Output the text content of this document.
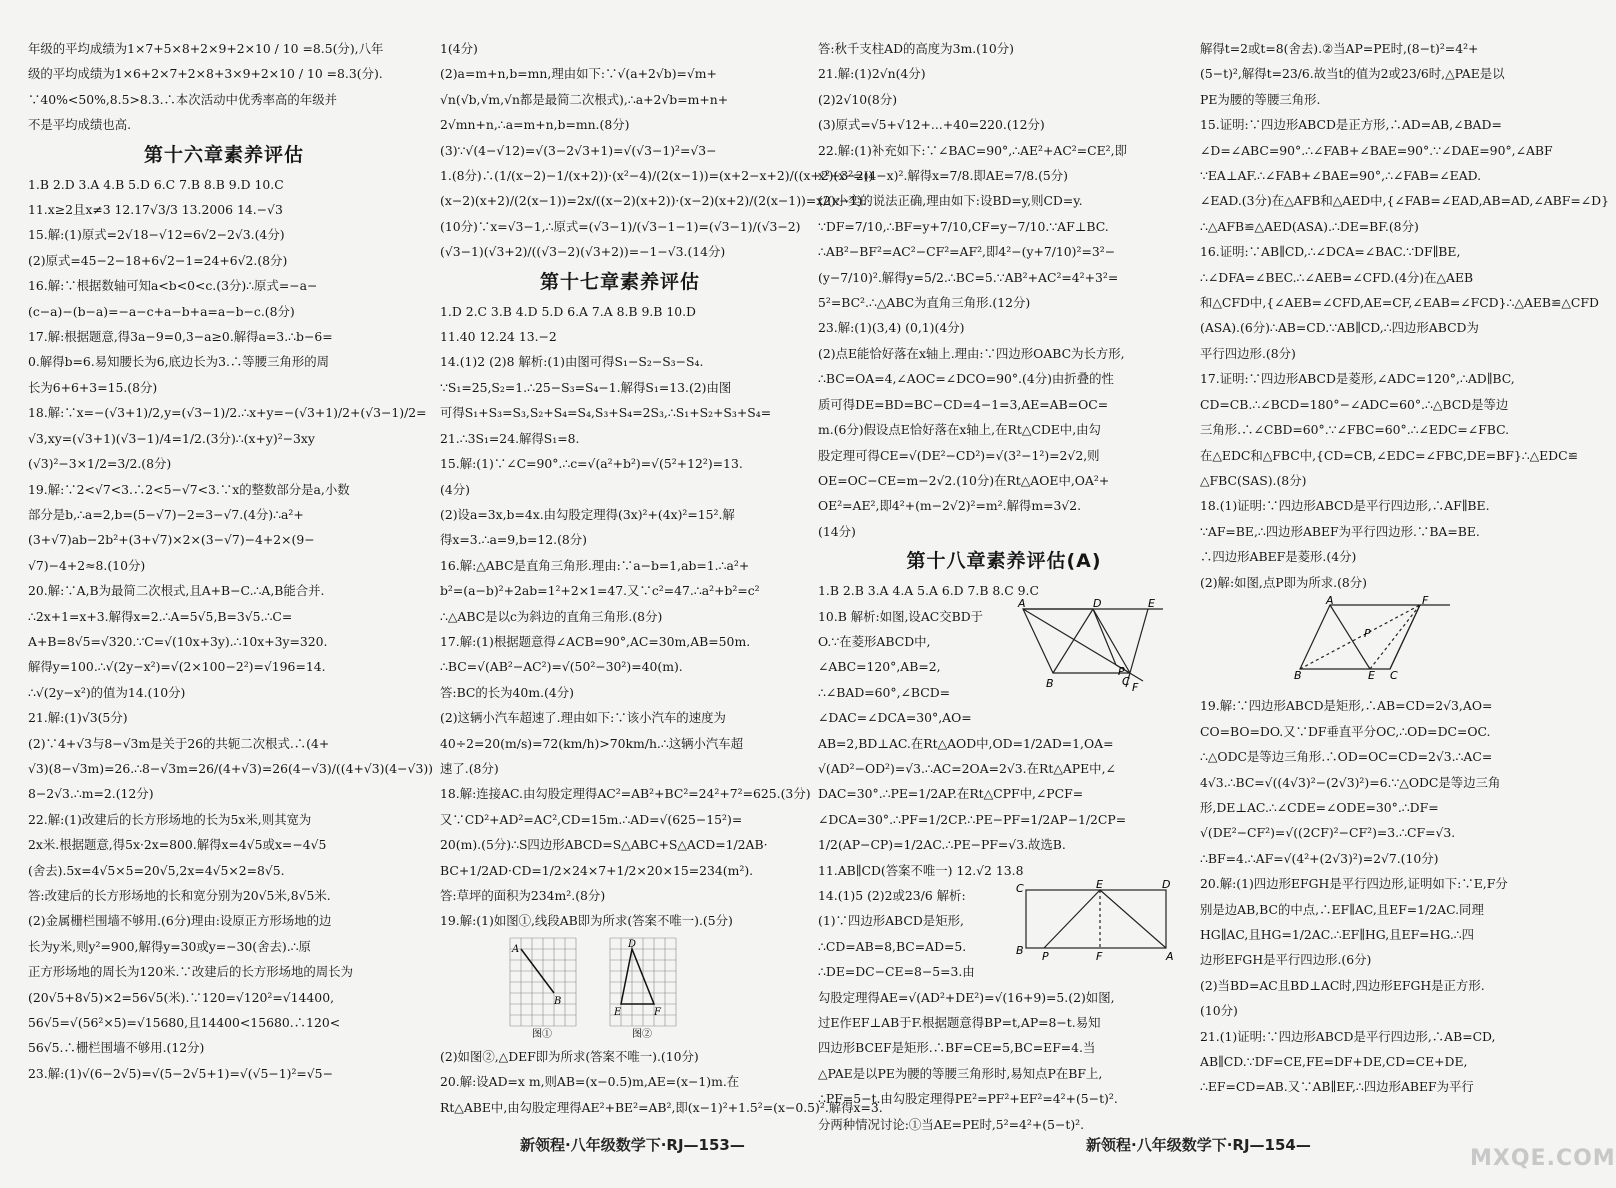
年级的平均成绩为1×7+5×8+2×9+2×10 / 10 =8.5(分),八年
级的平均成绩为1×6+2×7+2×8+3×9+2×10 / 10 =8.3(分).
∵40%<50%,8.5>8.3.∴本次活动中优秀率高的年级并
不是平均成绩也高.
第十六章素养评估
1.B 2.D 3.A 4.B 5.D 6.C 7.B 8.B 9.D 10.C
11.x≥2且x≠3 12.17√3/3 13.2006 14.−√3
15.解:(1)原式=2√18−√12=6√2−2√3.(4分)
(2)原式=45−2−18+6√2−1=24+6√2.(8分)
16.解:∵根据数轴可知a<b<0<c.(3分)∴原式=−a−
(c−a)−(b−a)=−a−c+a−b+a=a−b−c.(8分)
17.解:根据题意,得3a−9=0,3−a≥0.解得a=3.∴b−6=
0.解得b=6.易知腰长为6,底边长为3.∴等腰三角形的周
长为6+6+3=15.(8分)
18.解:∵x=−(√3+1)/2,y=(√3−1)/2.∴x+y=−(√3+1)/2+(√3−1)/2=
√3,xy=(√3+1)(√3−1)/4=1/2.(3分)∴(x+y)²−3xy
(√3)²−3×1/2=3/2.(8分)
19.解:∵2<√7<3.∴2<5−√7<3.∵x的整数部分是a,小数
部分是b,∴a=2,b=(5−√7)−2=3−√7.(4分)∴a²+
(3+√7)ab−2b²+(3+√7)×2×(3−√7)−4+2×(9−
√7)−4+2≈8.(10分)
20.解:∵A,B为最简二次根式,且A+B−C.∴A,B能合并.
∴2x+1=x+3.解得x=2.∴A=5√5,B=3√5.∴C=
A+B=8√5=√320.∵C=√(10x+3y).∴10x+3y=320.
解得y=100.∴√(2y−x²)=√(2×100−2²)=√196=14.
∴√(2y−x²)的值为14.(10分)
21.解:(1)√3(5分)
(2)∵4+√3与8−√3m是关于26的共轭二次根式.∴(4+
√3)(8−√3m)=26.∴8−√3m=26/(4+√3)=26(4−√3)/((4+√3)(4−√3))
8−2√3.∴m=2.(12分)
22.解:(1)改建后的长方形场地的长为5x米,则其宽为
2x米.根据题意,得5x·2x=800.解得x=4√5或x=−4√5
(舍去).5x=4√5×5=20√5,2x=4√5×2=8√5.
答:改建后的长方形场地的长和宽分别为20√5米,8√5米.
(2)金属栅栏围墙不够用.(6分)理由:设原正方形场地的边
长为y米,则y²=900,解得y=30或y=−30(舍去).∴原
正方形场地的周长为120米.∵改建后的长方形场地的周长为
(20√5+8√5)×2=56√5(米).∵120=√120²=√14400,
56√5=√(56²×5)=√15680,且14400<15680.∴120<
56√5.∴栅栏围墙不够用.(12分)
23.解:(1)√(6−2√5)=√(5−2√5+1)=√(√5−1)²=√5−
1(4分)
(2)a=m+n,b=mn,理由如下:∵√(a+2√b)=√m+
√n(√b,√m,√n都是最简二次根式),∴a+2√b=m+n+
2√mn+n,∴a=m+n,b=mn.(8分)
(3)∵√(4−√12)=√(3−2√3+1)=√(√3−1)²=√3−
1.(8分)∴(1/(x−2)−1/(x+2))·(x²−4)/(2(x−1))=(x+2−x+2)/((x+2)(x−2))
(x−2)(x+2)/(2(x−1))=2x/((x−2)(x+2))·(x−2)(x+2)/(2(x−1))=x/(x−1).
(10分)∵x=√3−1,∴原式=(√3−1)/(√3−1−1)=(√3−1)/(√3−2)
(√3−1)(√3+2)/((√3−2)(√3+2))=−1−√3.(14分)
第十七章素养评估
1.D 2.C 3.B 4.D 5.D 6.A 7.A 8.B 9.B 10.D
11.40 12.24 13.−2
14.(1)2 (2)8 解析:(1)由图可得S₁−S₂−S₃−S₄.
∵S₁=25,S₂=1.∴25−S₃=S₄−1.解得S₁=13.(2)由图
可得S₁+S₃=S₃,S₂+S₄=S₄,S₃+S₄=2S₃,∴S₁+S₂+S₃+S₄=
21.∴3S₁=24.解得S₁=8.
15.解:(1)∵∠C=90°.∴c=√(a²+b²)=√(5²+12²)=13.
(4分)
(2)设a=3x,b=4x.由勾股定理得(3x)²+(4x)²=15².解
得x=3.∴a=9,b=12.(8分)
16.解:△ABC是直角三角形.理由:∵a−b=1,ab=1.∴a²+
b²=(a−b)²+2ab=1²+2×1=47.又∵c²=47.∴a²+b²=c²
∴△ABC是以c为斜边的直角三角形.(8分)
17.解:(1)根据题意得∠ACB=90°,AC=30m,AB=50m.
∴BC=√(AB²−AC²)=√(50²−30²)=40(m).
答:BC的长为40m.(4分)
(2)这辆小汽车超速了.理由如下:∵该小汽车的速度为
40÷2=20(m/s)=72(km/h)>70km/h.∴这辆小汽车超
速了.(8分)
18.解:连接AC.由勾股定理得AC²=AB²+BC²=24²+7²=625.(3分)
又∵CD²+AD²=AC²,CD=15m.∴AD=√(625−15²)=
20(m).(5分)∴S四边形ABCD=S△ABC+S△ACD=1/2AB·
BC+1/2AD·CD=1/2×24×7+1/2×20×15=234(m²).
答:草坪的面积为234m².(8分)
19.解:(1)如图①,线段AB即为所求(答案不唯一).(5分)
A
B
图①
D
E	F
图②
(2)如图②,△DEF即为所求(答案不唯一).(10分)
20.解:设AD=x m,则AB=(x−0.5)m,AE=(x−1)m.在
Rt△ABE中,由勾股定理得AE²+BE²=AB²,即(x−1)²+1.5²=(x−0.5)².解得x=3.
答:秋千支柱AD的高度为3m.(10分)
21.解:(1)2√n(4分)
(2)2√10(8分)
(3)原式=√5+√12+...+40=220.(12分)
22.解:(1)补充如下:∵∠BAC=90°,∴AE²+AC²=CE²,即
x²+3²=(4−x)².解得x=7/8.即AE=7/8.(5分)
(2)小奕的说法正确,理由如下:设BD=y,则CD=y.
∵DF=7/10,∴BF=y+7/10,CF=y−7/10.∵AF⊥BC.
∴AB²−BF²=AC²−CF²=AF²,即4²−(y+7/10)²=3²−
(y−7/10)².解得y=5/2.∴BC=5.∵AB²+AC²=4²+3²=
5²=BC².∴△ABC为直角三角形.(12分)
23.解:(1)(3,4) (0,1)(4分)
(2)点E能恰好落在x轴上.理由:∵四边形OABC为长方形,
∴BC=OA=4,∠AOC=∠DCO=90°.(4分)由折叠的性
质可得DE=BD=BC−CD=4−1=3,AE=AB=OC=
m.(6分)假设点E恰好落在x轴上,在Rt△CDE中,由勾
股定理可得CE=√(DE²−CD²)=√(3²−1²)=2√2,则
OE=OC−CE=m−2√2.(10分)在Rt△AOE中,OA²+
OE²=AE²,即4²+(m−2√2)²=m².解得m=3√2.
(14分)
第十八章素养评估(A)
1.B 2.B 3.A 4.A 5.A 6.D 7.B 8.C 9.C
10.B 解析:如图,设AC交BD于
A	D	E
B	C F
P
O.∵在菱形ABCD中,
∠ABC=120°,AB=2,
∴∠BAD=60°,∠BCD=
∠DAC=∠DCA=30°,AO=
AB=2,BD⊥AC.在Rt△AOD中,OD=1/2AD=1,OA=
√(AD²−OD²)=√3.∴AC=2OA=2√3.在Rt△APE中,∠
DAC=30°.∴PE=1/2AP.在Rt△CPF中,∠PCF=
∠DCA=30°.∴PF=1/2CP.∴PE−PF=1/2AP−1/2CP=
1/2(AP−CP)=1/2AC.∴PE−PF=√3.故选B.
11.AB∥CD(答案不唯一) 12.√2 13.8
14.(1)5 (2)2或23/6 解析:	C	E	D
B P	F	A
(1)∵四边形ABCD是矩形,
∴CD=AB=8,BC=AD=5.
∴DE=DC−CE=8−5=3.由
勾股定理得AE=√(AD²+DE²)=√(16+9)=5.(2)如图,
过E作EF⊥AB于F.根据题意得BP=t,AP=8−t.易知
四边形BCEF是矩形.∴BF=CE=5,BC=EF=4.当
△PAE是以PE为腰的等腰三角形时,易知点P在BF上,
∴PF=5−t.由勾股定理得PE²=PF²+EF²=4²+(5−t)².
分两种情况讨论:①当AE=PE时,5²=4²+(5−t)².
解得t=2或t=8(舍去).②当AP=PE时,(8−t)²=4²+
(5−t)²,解得t=23/6.故当t的值为2或23/6时,△PAE是以
PE为腰的等腰三角形.
15.证明:∵四边形ABCD是正方形,∴AD=AB,∠BAD=
∠D=∠ABC=90°.∴∠FAB+∠BAE=90°.∵∠DAE=90°,∠ABF
∵EA⊥AF.∴∠FAB+∠BAE=90°,∴∠FAB=∠EAD.
∠EAD.(3分)在△AFB和△AED中,{∠FAB=∠EAD,AB=AD,∠ABF=∠D}
∴△AFB≌△AED(ASA).∴DE=BF.(8分)
16.证明:∵AB∥CD,∴∠DCA=∠BAC.∵DF∥BE,
∴∠DFA=∠BEC.∴∠AEB=∠CFD.(4分)在△AEB
和△CFD中,{∠AEB=∠CFD,AE=CF,∠EAB=∠FCD}∴△AEB≌△CFD
(ASA).(6分)∴AB=CD.∵AB∥CD,∴四边形ABCD为
平行四边形.(8分)
17.证明:∵四边形ABCD是菱形,∠ADC=120°,∴AD∥BC,
CD=CB.∴∠BCD=180°−∠ADC=60°.∴△BCD是等边
三角形.∴∠CBD=60°.∵∠FBC=60°.∴∠EDC=∠FBC.
在△EDC和△FBC中,{CD=CB,∠EDC=∠FBC,DE=BF}∴△EDC≌
△FBC(SAS).(8分)
18.(1)证明:∵四边形ABCD是平行四边形,∴AF∥BE.
∵AF=BE,∴四边形ABEF为平行四边形.∵BA=BE.
∴四边形ABEF是菱形.(4分)
(2)解:如图,点P即为所求.(8分)
A	F
P
B	E C
19.解:∵四边形ABCD是矩形,∴AB=CD=2√3,AO=
CO=BO=DO.又∵DF垂直平分OC,∴OD=DC=OC.
∴△ODC是等边三角形.∴OD=OC=CD=2√3.∴AC=
4√3.∴BC=√((4√3)²−(2√3)²)=6.∵△ODC是等边三角
形,DE⊥AC.∴∠CDE=∠ODE=30°.∴DF=
√(DE²−CF²)=√((2CF)²−CF²)=3.∴CF=√3.
∴BF=4.∴AF=√(4²+(2√3)²)=2√7.(10分)
20.解:(1)四边形EFGH是平行四边形,证明如下:∵E,F分
别是边AB,BC的中点,∴EF∥AC,且EF=1/2AC.同理
HG∥AC,且HG=1/2AC.∴EF∥HG,且EF=HG.∴四
边形EFGH是平行四边形.(6分)
(2)当BD=AC且BD⊥AC时,四边形EFGH是正方形.
(10分)
21.(1)证明:∵四边形ABCD是平行四边形,∴AB=CD,
AB∥CD.∵DF=CE,FE=DF+DE,CD=CE+DE,
∴EF=CD=AB.又∵AB∥EF,∴四边形ABEF为平行
新领程·八年级数学下·RJ—153—	新领程·八年级数学下·RJ—154—
MXQE.COM
